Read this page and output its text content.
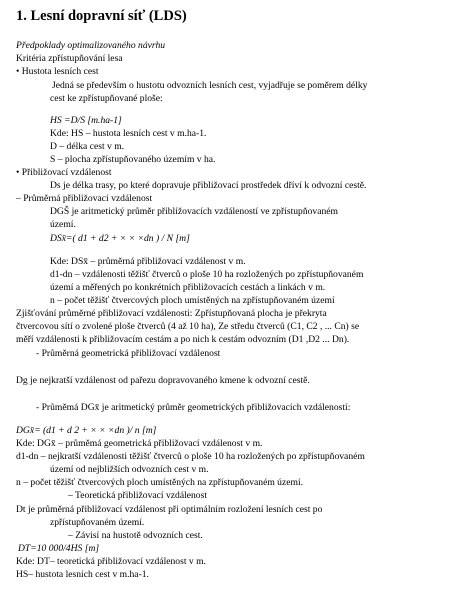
1. Lesní dopravní síť (LDS)
Předpoklady optimalizovaného návrhu
Kritéria zpřístupňování lesa
• Hustota lesních cest
Jedná se především o hustotu odvozních lesních cest, vyjadřuje se poměrem délky
cest ke zpřístupňované ploše:
HS =D/S [m.ha-1]
Kde: HS – hustota lesních cest v m.ha-1.
D – délka cest v m.
S – plocha zpřístupňovaného územím v ha.
• Přibližovací vzdálenost
Ds je délka trasy, po které dopravuje přibližovací prostředek dříví k odvozní cestě.
– Průměrná přibližovací vzdálenost
DGŠ je aritmetický průměr přibližovacích vzdáleností ve zpřístupňovaném
území.
DSx̄=( d1 + d2 + × × ×dn ) / N [m]
Kde: DSx̄ – průměrná přibližovací vzdálenost v m.
d1-dn – vzdálenosti těžišť čtverců o ploše 10 ha rozložených po zpřístupňovaném
území a měřených po konkrétních přibližovacích cestách a linkách v m.
n – počet těžišť čtvercových ploch umístěných na zpřístupňovaném území
Zjišťování průměrné přibližovací vzdálenosti: Zpřístupňovaná plocha je překryta
čtvercovou sítí o zvolené ploše čtverců (4 až 10 ha), Ze středu čtverců (C1, C2 , ... Cn) se
měří vzdálenosti k přibližovacím cestám a po nich k cestám odvozním (D1 ,D2 ... Dn).
- Průměrná geometrická přibližovací vzdálenost
Dg je nejkratší vzdálenost od pařezu dopravovaného kmene k odvozní cestě.
- Průměmá DGx̄ je aritmetický průměr geometrických přibližovacích vzdáleností:
DGx̄= (d1 + d 2 + × × ×dn )/ n [m]
Kde: DGx̄ – průměmá geometrická přibližovací vzdálenost v m.
d1-dn – nejkratší vzdálenosti těžišť čtverců o ploše 10 ha rozložených po zpřístupňovaném
území od nejbližších odvozních cest v m.
n – počet těžišť čtvercových ploch umístěných na zpřístupňovaném území.
– Teoretická přibližovací vzdálenost
Dt je průměrná přibližovací vzdálenost při optimálním rozložení lesních cest po
zpřístupňovaném území.
– Závisí na hustotě odvozních cest.
DT=10 000/4HS [m]
Kde: DT– teoretická přibližovací vzdálenost v m.
HS– hustota lesních cest v m.ha-1.
